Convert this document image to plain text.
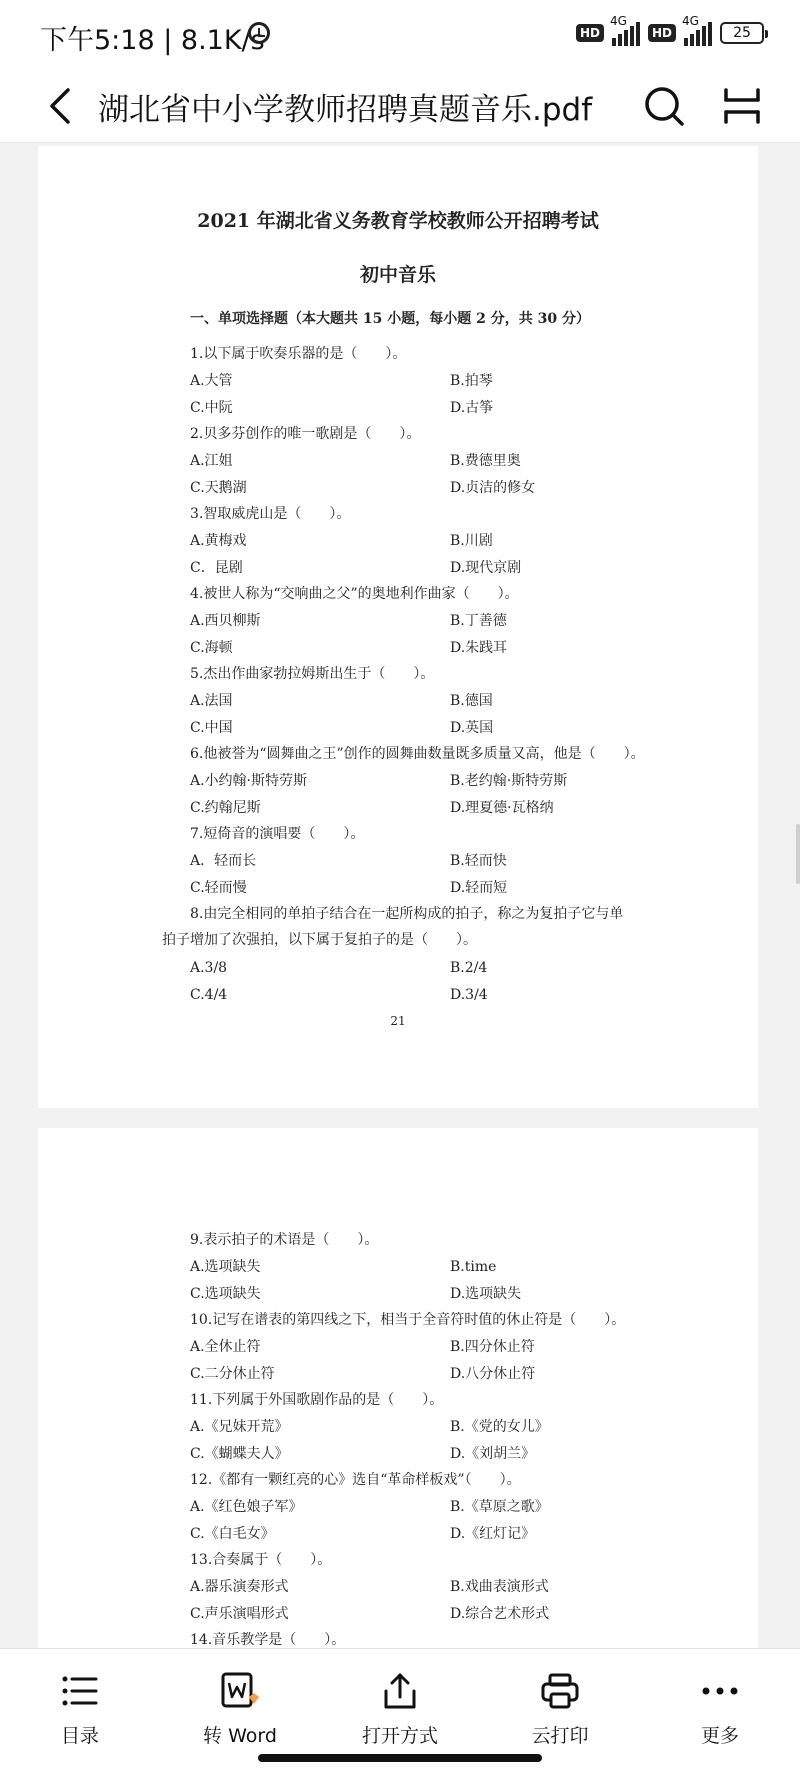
下午5:18 | 8.1K/s	HD
4G
HD
4G
25
湖北省中小学教师招聘真题音乐.pdf
2021 年湖北省义务教育学校教师公开招聘考试
初中音乐
一、单项选择题（本大题共 15 小题，每小题 2 分，共 30 分）
1.以下属于吹奏乐器的是（　　）。
A.大管	B.拍琴
C.中阮	D.古筝
2.贝多芬创作的唯一歌剧是（　　）。
A.江姐	B.费德里奥
C.天鹅湖	D.贞洁的修女
3.智取威虎山是（　　）。
A.黄梅戏	B.川剧
C．昆剧	D.现代京剧
4.被世人称为“交响曲之父”的奥地利作曲家（　　）。
A.西贝柳斯	B.丁善德
C.海顿	D.朱践耳
5.杰出作曲家勃拉姆斯出生于（　　）。
A.法国	B.德国
C.中国	D.英国
6.他被誉为“圆舞曲之王”创作的圆舞曲数量既多质量又高，他是（　　）。
A.小约翰·斯特劳斯	B.老约翰·斯特劳斯
C.约翰尼斯	D.理夏德·瓦格纳
7.短倚音的演唱要（　　）。
A．轻而长	B.轻而快
C.轻而慢	D.轻而短
8.由完全相同的单拍子结合在一起所构成的拍子，称之为复拍子它与单
拍子增加了次强拍，以下属于复拍子的是（　　）。
A.3/8	B.2/4
C.4/4	D.3/4
21
9.表示拍子的术语是（　　）。
A.选项缺失	B.time
C.选项缺失	D.选项缺失
10.记写在谱表的第四线之下，相当于全音符时值的休止符是（　　）。
A.全休止符	B.四分休止符
C.二分休止符	D.八分休止符
11.下列属于外国歌剧作品的是（　　）。
A.《兄妹开荒》	B.《党的女儿》
C.《蝴蝶夫人》	D.《刘胡兰》
12.《都有一颗红亮的心》选自“革命样板戏”（　　）。
A.《红色娘子军》	B.《草原之歌》
C.《白毛女》	D.《红灯记》
13.合奏属于（　　）。
A.器乐演奏形式	B.戏曲表演形式
C.声乐演唱形式	D.综合艺术形式
14.音乐教学是（　　）。
目录	转 Word	打开方式	云打印	更多
